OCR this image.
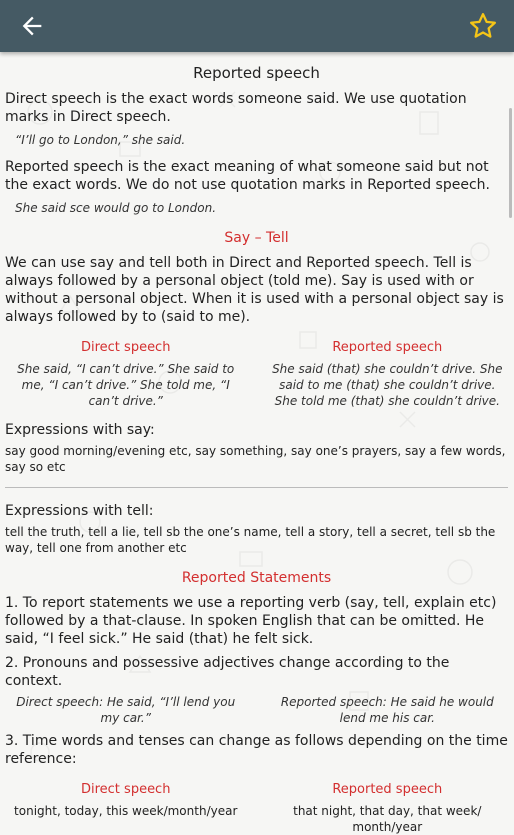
Reported speech

Direct speech is the exact words someone said. We use quotation marks in Direct speech.

“I’ll go to London,” she said.

Reported speech is the exact meaning of what someone said but not the exact words. We do not use quotation marks in Reported speech.

She said sce would go to London.

Say – Tell

We can use say and tell both in Direct and Reported speech. Tell is always followed by a personal object (told me). Say is used with or without a personal object. When it is used with a personal object say is always followed by to (said to me).

Direct speech
She said, “I can’t drive.” She said to me, “I can’t drive.” She told me, “I can’t drive.”
Reported speech
She said (that) she couldn’t drive. She said to me (that) she couldn’t drive. She told me (that) she couldn’t drive.

Expressions with say:

say good morning/evening etc, say something, say one’s prayers, say a few words, say so etc

Expressions with tell:

tell the truth, tell a lie, tell sb the one’s name, tell a story, tell a secret, tell sb the way, tell one from another etc

Reported Statements

1. To report statements we use a reporting verb (say, tell, explain etc) followed by a that-clause. In spoken English that can be omitted. He said, “I feel sick.” He said (that) he felt sick.

2. Pronouns and possessive adjectives change according to the context.

Direct speech: He said, “I’ll lend you my car.”
Reported speech: He said he would lend me his car.

3. Time words and tenses can change as follows depending on the time reference:

Direct speech
tonight, today, this week/month/year
Reported speech
that night, that day, that week/ month/year
